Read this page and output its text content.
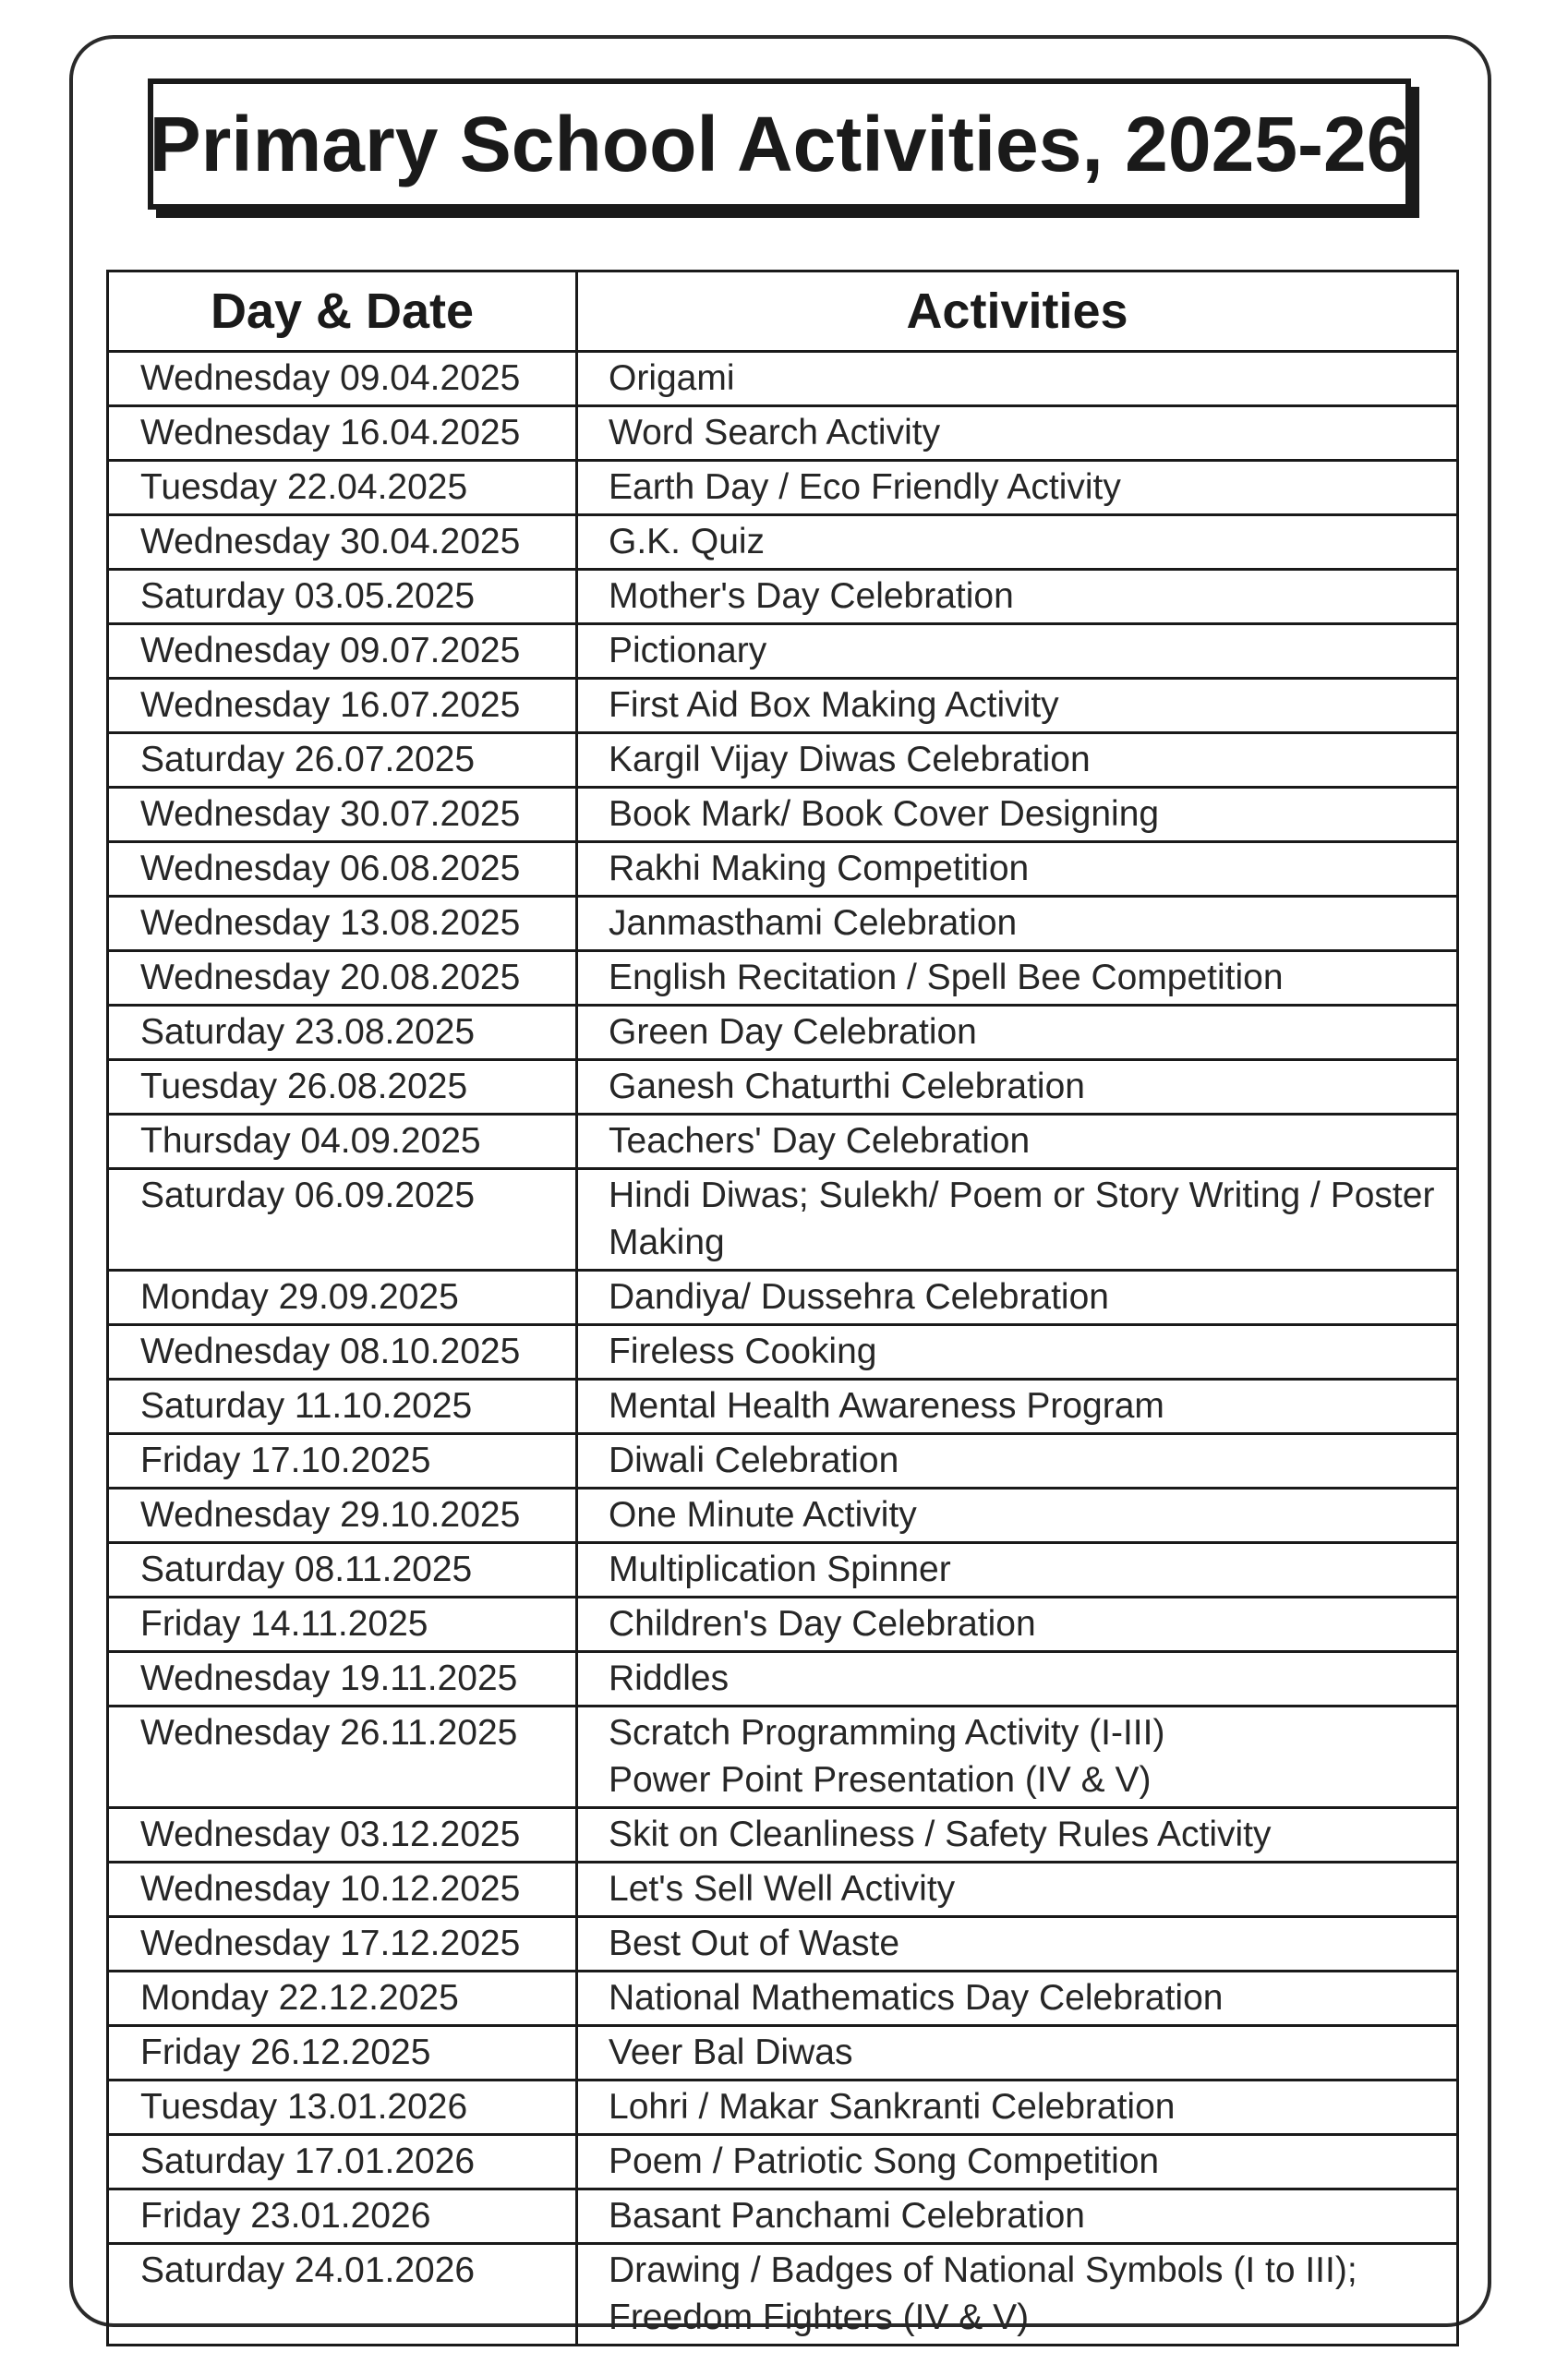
Primary School Activities, 2025-26
Day & Date	Activities
Wednesday 09.04.2025	Origami

Wednesday 16.04.2025	Word Search Activity

Tuesday 22.04.2025	Earth Day / Eco Friendly Activity

Wednesday 30.04.2025	G.K. Quiz

Saturday 03.05.2025	Mother's Day Celebration

Wednesday 09.07.2025	Pictionary

Wednesday 16.07.2025	First Aid Box Making Activity

Saturday 26.07.2025	Kargil Vijay Diwas Celebration

Wednesday 30.07.2025	Book Mark/ Book Cover Designing

Wednesday 06.08.2025	Rakhi Making Competition

Wednesday 13.08.2025	Janmasthami Celebration

Wednesday 20.08.2025	English Recitation / Spell Bee Competition

Saturday 23.08.2025	Green Day Celebration

Tuesday 26.08.2025	Ganesh Chaturthi Celebration

Thursday 04.09.2025	Teachers' Day Celebration

Saturday 06.09.2025	Hindi Diwas; Sulekh/ Poem or Story Writing / Poster
Making

Monday 29.09.2025	Dandiya/ Dussehra Celebration

Wednesday 08.10.2025	Fireless Cooking

Saturday 11.10.2025	Mental Health Awareness Program

Friday 17.10.2025	Diwali Celebration

Wednesday 29.10.2025	One Minute Activity

Saturday 08.11.2025	Multiplication Spinner

Friday 14.11.2025	Children's Day Celebration

Wednesday 19.11.2025	Riddles

Wednesday 26.11.2025	Scratch Programming Activity (I-III)
Power Point Presentation (IV & V)

Wednesday 03.12.2025	Skit on Cleanliness / Safety Rules Activity

Wednesday 10.12.2025	Let's Sell Well Activity

Wednesday 17.12.2025	Best Out of Waste

Monday 22.12.2025	National Mathematics Day Celebration

Friday 26.12.2025	Veer Bal Diwas

Tuesday 13.01.2026	Lohri / Makar Sankranti Celebration

Saturday 17.01.2026	Poem / Patriotic Song Competition

Friday 23.01.2026	Basant Panchami Celebration

Saturday 24.01.2026	Drawing / Badges of National Symbols (I to III);
Freedom Fighters (IV & V)
